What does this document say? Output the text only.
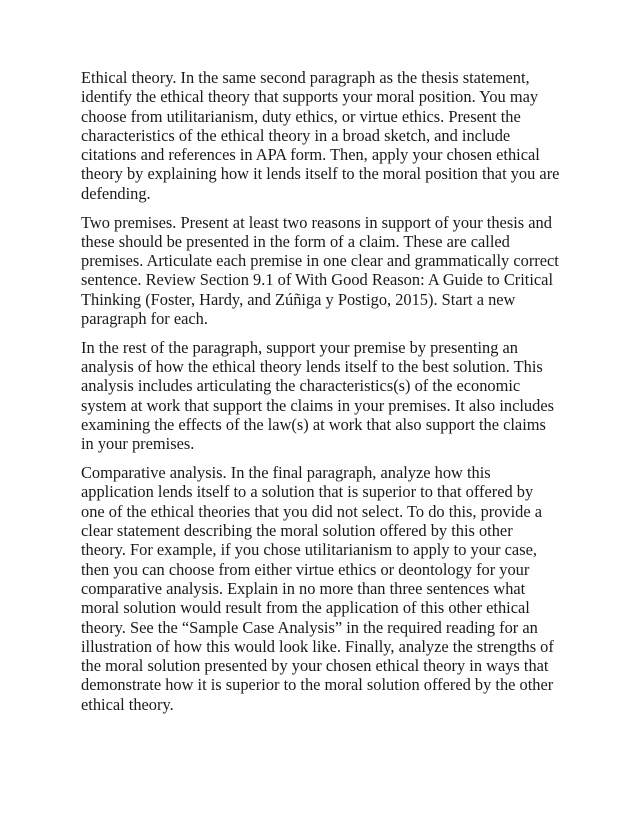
Ethical theory. In the same second paragraph as the thesis statement,
identify the ethical theory that supports your moral position. You may
choose from utilitarianism, duty ethics, or virtue ethics. Present the
characteristics of the ethical theory in a broad sketch, and include
citations and references in APA form. Then, apply your chosen ethical
theory by explaining how it lends itself to the moral position that you are
defending.

Two premises. Present at least two reasons in support of your thesis and
these should be presented in the form of a claim. These are called
premises. Articulate each premise in one clear and grammatically correct
sentence. Review Section 9.1 of With Good Reason: A Guide to Critical
Thinking (Foster, Hardy, and Zúñiga y Postigo, 2015). Start a new
paragraph for each.

In the rest of the paragraph, support your premise by presenting an
analysis of how the ethical theory lends itself to the best solution. This
analysis includes articulating the characteristics(s) of the economic
system at work that support the claims in your premises. It also includes
examining the effects of the law(s) at work that also support the claims
in your premises.

Comparative analysis. In the final paragraph, analyze how this
application lends itself to a solution that is superior to that offered by
one of the ethical theories that you did not select. To do this, provide a
clear statement describing the moral solution offered by this other
theory. For example, if you chose utilitarianism to apply to your case,
then you can choose from either virtue ethics or deontology for your
comparative analysis. Explain in no more than three sentences what
moral solution would result from the application of this other ethical
theory. See the “Sample Case Analysis” in the required reading for an
illustration of how this would look like. Finally, analyze the strengths of
the moral solution presented by your chosen ethical theory in ways that
demonstrate how it is superior to the moral solution offered by the other
ethical theory.
